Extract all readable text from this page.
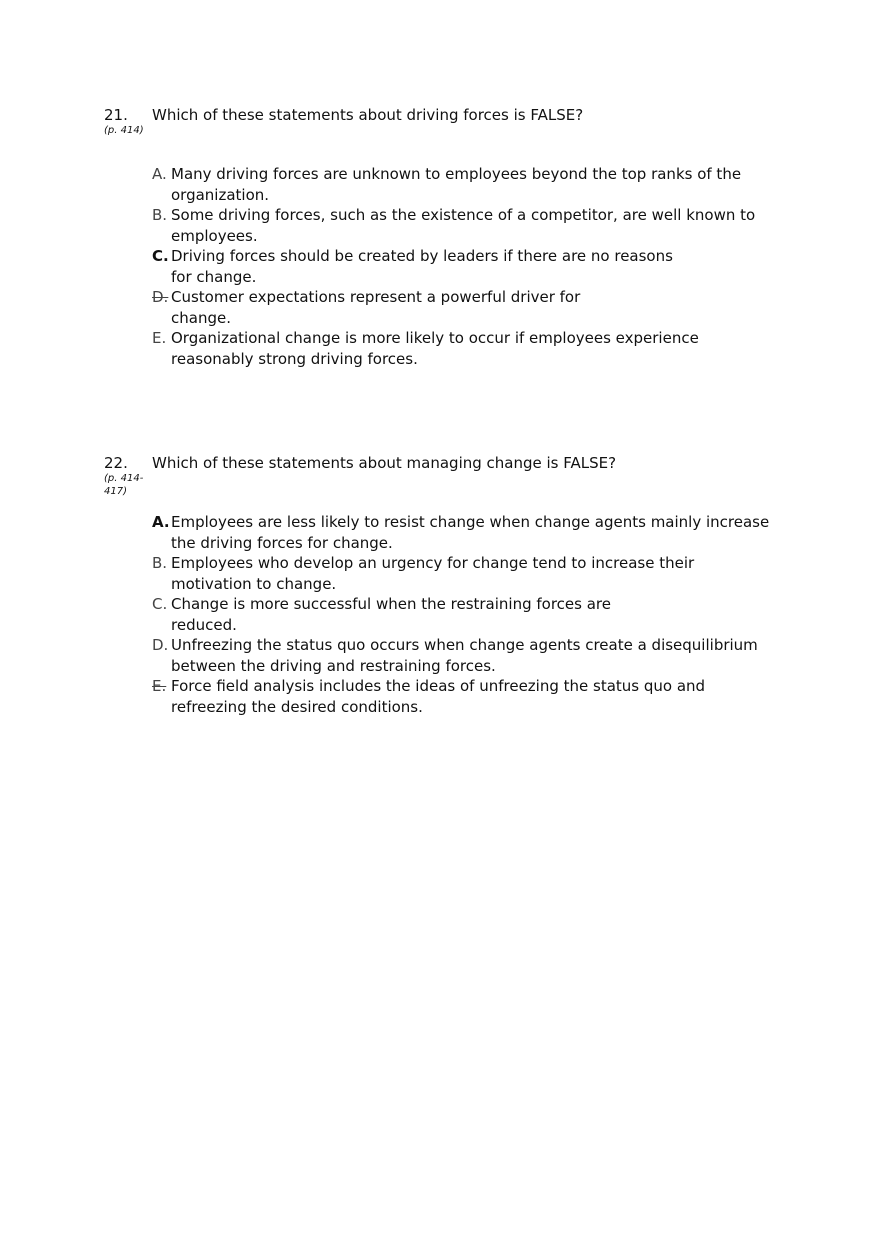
21.
(p. 414)
Which of these statements about driving forces is FALSE?
A. Many driving forces are unknown to employees beyond the top ranks of the organization.
B. Some driving forces, such as the existence of a competitor, are well known to employees.
C. Driving forces should be created by leaders if there are no reasons for change.
D. Customer expectations represent a powerful driver for change.
E. Organizational change is more likely to occur if employees experience reasonably strong driving forces.
22.
(p. 414-417)
Which of these statements about managing change is FALSE?
A. Employees are less likely to resist change when change agents mainly increase the driving forces for change.
B. Employees who develop an urgency for change tend to increase their motivation to change.
C. Change is more successful when the restraining forces are reduced.
D. Unfreezing the status quo occurs when change agents create a disequilibrium between the driving and restraining forces.
E. Force field analysis includes the ideas of unfreezing the status quo and refreezing the desired conditions.
